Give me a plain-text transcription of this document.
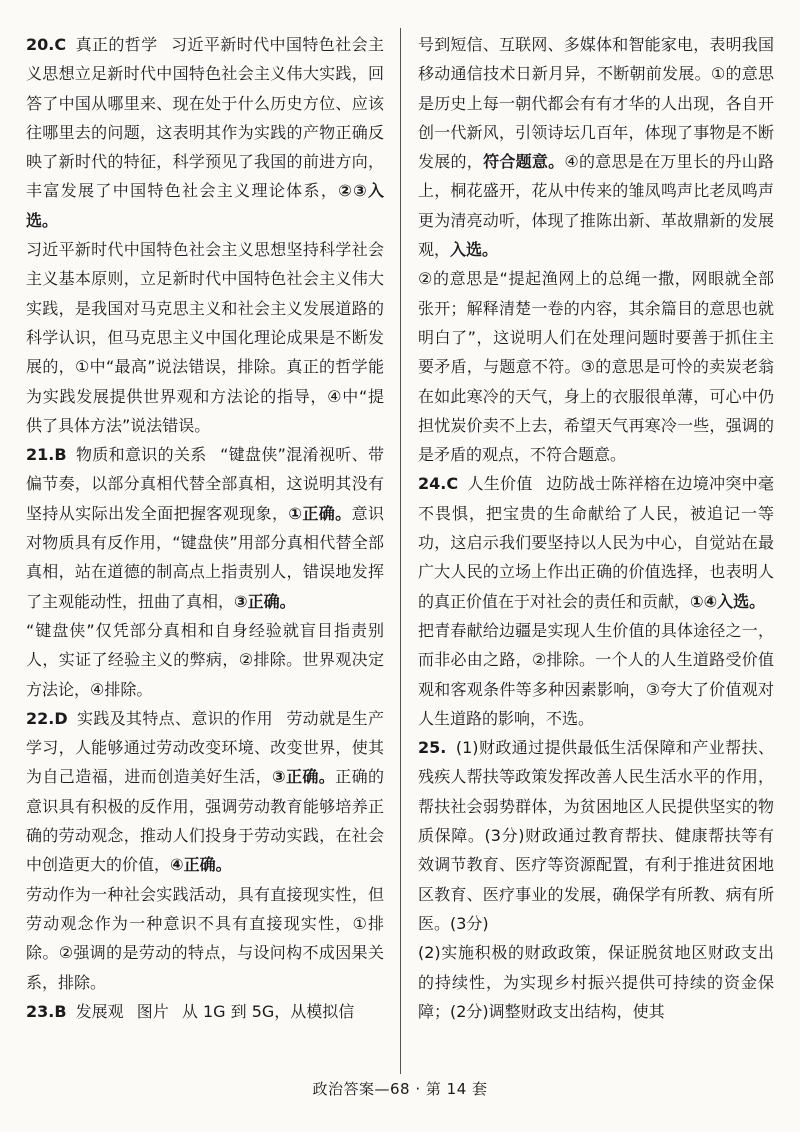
20.C 真正的哲学 习近平新时代中国特色社会主义思想立足新时代中国特色社会主义伟大实践，回答了中国从哪里来、现在处于什么历史方位、应该往哪里去的问题，这表明其作为实践的产物正确反映了新时代的特征，科学预见了我国的前进方向，丰富发展了中国特色社会主义理论体系，②③入选。

习近平新时代中国特色社会主义思想坚持科学社会主义基本原则，立足新时代中国特色社会主义伟大实践，是我国对马克思主义和社会主义发展道路的科学认识，但马克思主义中国化理论成果是不断发展的，①中“最高”说法错误，排除。真正的哲学能为实践发展提供世界观和方法论的指导，④中“提供了具体方法”说法错误。

21.B 物质和意识的关系 “键盘侠”混淆视听、带偏节奏，以部分真相代替全部真相，这说明其没有坚持从实际出发全面把握客观现象，①正确。意识对物质具有反作用，“键盘侠”用部分真相代替全部真相，站在道德的制高点上指责别人，错误地发挥了主观能动性，扭曲了真相，③正确。

“键盘侠”仅凭部分真相和自身经验就盲目指责别人，实证了经验主义的弊病，②排除。世界观决定方法论，④排除。

22.D 实践及其特点、意识的作用 劳动就是生产学习，人能够通过劳动改变环境、改变世界，使其为自己造福，进而创造美好生活，③正确。正确的意识具有积极的反作用，强调劳动教育能够培养正确的劳动观念，推动人们投身于劳动实践，在社会中创造更大的价值，④正确。

劳动作为一种社会实践活动，具有直接现实性，但劳动观念作为一种意识不具有直接现实性，①排除。②强调的是劳动的特点，与设问构不成因果关系，排除。

23.B 发展观 图片 从 1G 到 5G，从模拟信

号到短信、互联网、多媒体和智能家电，表明我国移动通信技术日新月异，不断朝前发展。①的意思是历史上每一朝代都会有有才华的人出现，各自开创一代新风，引领诗坛几百年，体现了事物是不断发展的，符合题意。④的意思是在万里长的丹山路上，桐花盛开，花从中传来的雏凤鸣声比老凤鸣声更为清亮动听，体现了推陈出新、革故鼎新的发展观，入选。

②的意思是“提起渔网上的总绳一撒，网眼就全部张开；解释清楚一卷的内容，其余篇目的意思也就明白了”，这说明人们在处理问题时要善于抓住主要矛盾，与题意不符。③的意思是可怜的卖炭老翁在如此寒冷的天气，身上的衣服很单薄，可心中仍担忧炭价卖不上去，希望天气再寒冷一些，强调的是矛盾的观点，不符合题意。

24.C 人生价值 边防战士陈祥榕在边境冲突中毫不畏惧，把宝贵的生命献给了人民，被追记一等功，这启示我们要坚持以人民为中心，自觉站在最广大人民的立场上作出正确的价值选择，也表明人的真正价值在于对社会的责任和贡献，①④入选。

把青春献给边疆是实现人生价值的具体途径之一，而非必由之路，②排除。一个人的人生道路受价值观和客观条件等多种因素影响，③夸大了价值观对人生道路的影响，不选。

25. (1)财政通过提供最低生活保障和产业帮扶、残疾人帮扶等政策发挥改善人民生活水平的作用，帮扶社会弱势群体，为贫困地区人民提供坚实的物质保障。(3分)财政通过教育帮扶、健康帮扶等有效调节教育、医疗等资源配置，有利于推进贫困地区教育、医疗事业的发展，确保学有所教、病有所医。(3分)

(2)实施积极的财政政策，保证脱贫地区财政支出的持续性，为实现乡村振兴提供可持续的资金保障；(2分)调整财政支出结构，使其

政治答案—68 · 第 14 套
